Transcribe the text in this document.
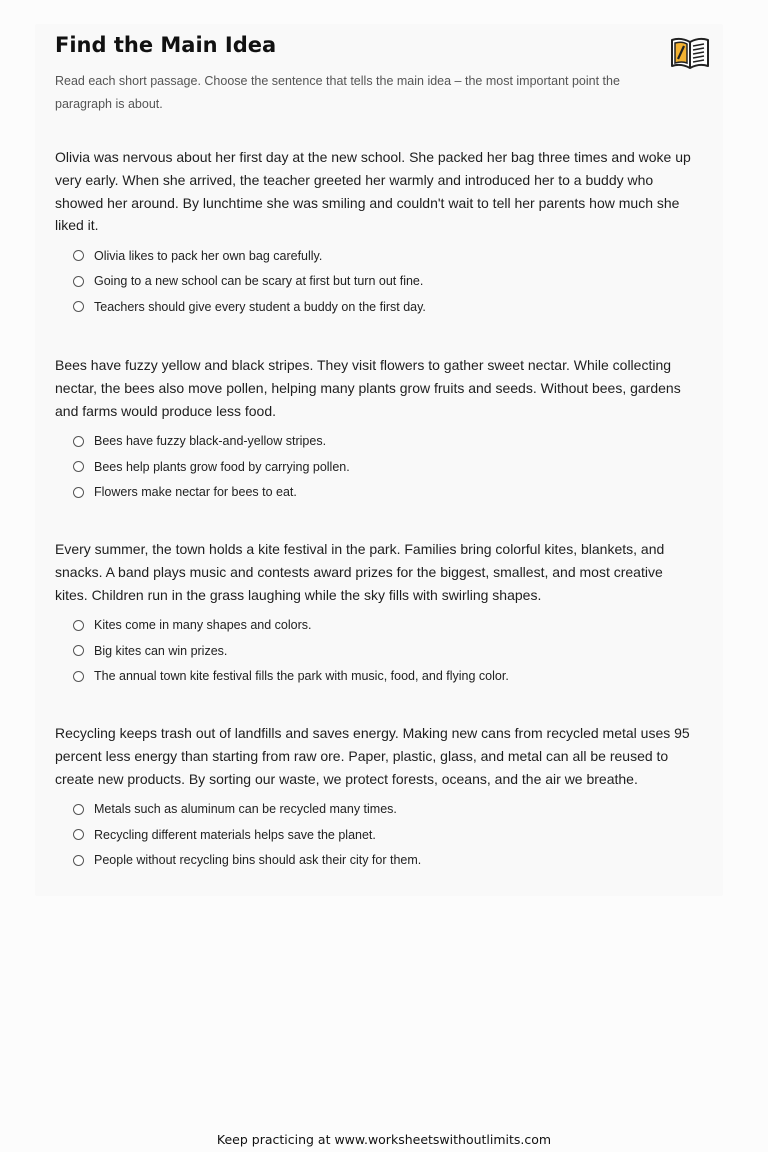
Find the Main Idea

Read each short passage. Choose the sentence that tells the main idea – the most important point the paragraph is about.

Olivia was nervous about her first day at the new school. She packed her bag three times and woke up very early. When she arrived, the teacher greeted her warmly and introduced her to a buddy who showed her around. By lunchtime she was smiling and couldn't wait to tell her parents how much she liked it.

Olivia likes to pack her own bag carefully.
Going to a new school can be scary at first but turn out fine.
Teachers should give every student a buddy on the first day.

Bees have fuzzy yellow and black stripes. They visit flowers to gather sweet nectar. While collecting nectar, the bees also move pollen, helping many plants grow fruits and seeds. Without bees, gardens and farms would produce less food.

Bees have fuzzy black-and-yellow stripes.
Bees help plants grow food by carrying pollen.
Flowers make nectar for bees to eat.

Every summer, the town holds a kite festival in the park. Families bring colorful kites, blankets, and snacks. A band plays music and contests award prizes for the biggest, smallest, and most creative kites. Children run in the grass laughing while the sky fills with swirling shapes.

Kites come in many shapes and colors.
Big kites can win prizes.
The annual town kite festival fills the park with music, food, and flying color.

Recycling keeps trash out of landfills and saves energy. Making new cans from recycled metal uses 95 percent less energy than starting from raw ore. Paper, plastic, glass, and metal can all be reused to create new products. By sorting our waste, we protect forests, oceans, and the air we breathe.

Metals such as aluminum can be recycled many times.
Recycling different materials helps save the planet.
People without recycling bins should ask their city for them.
Keep practicing at www.worksheetswithoutlimits.com
